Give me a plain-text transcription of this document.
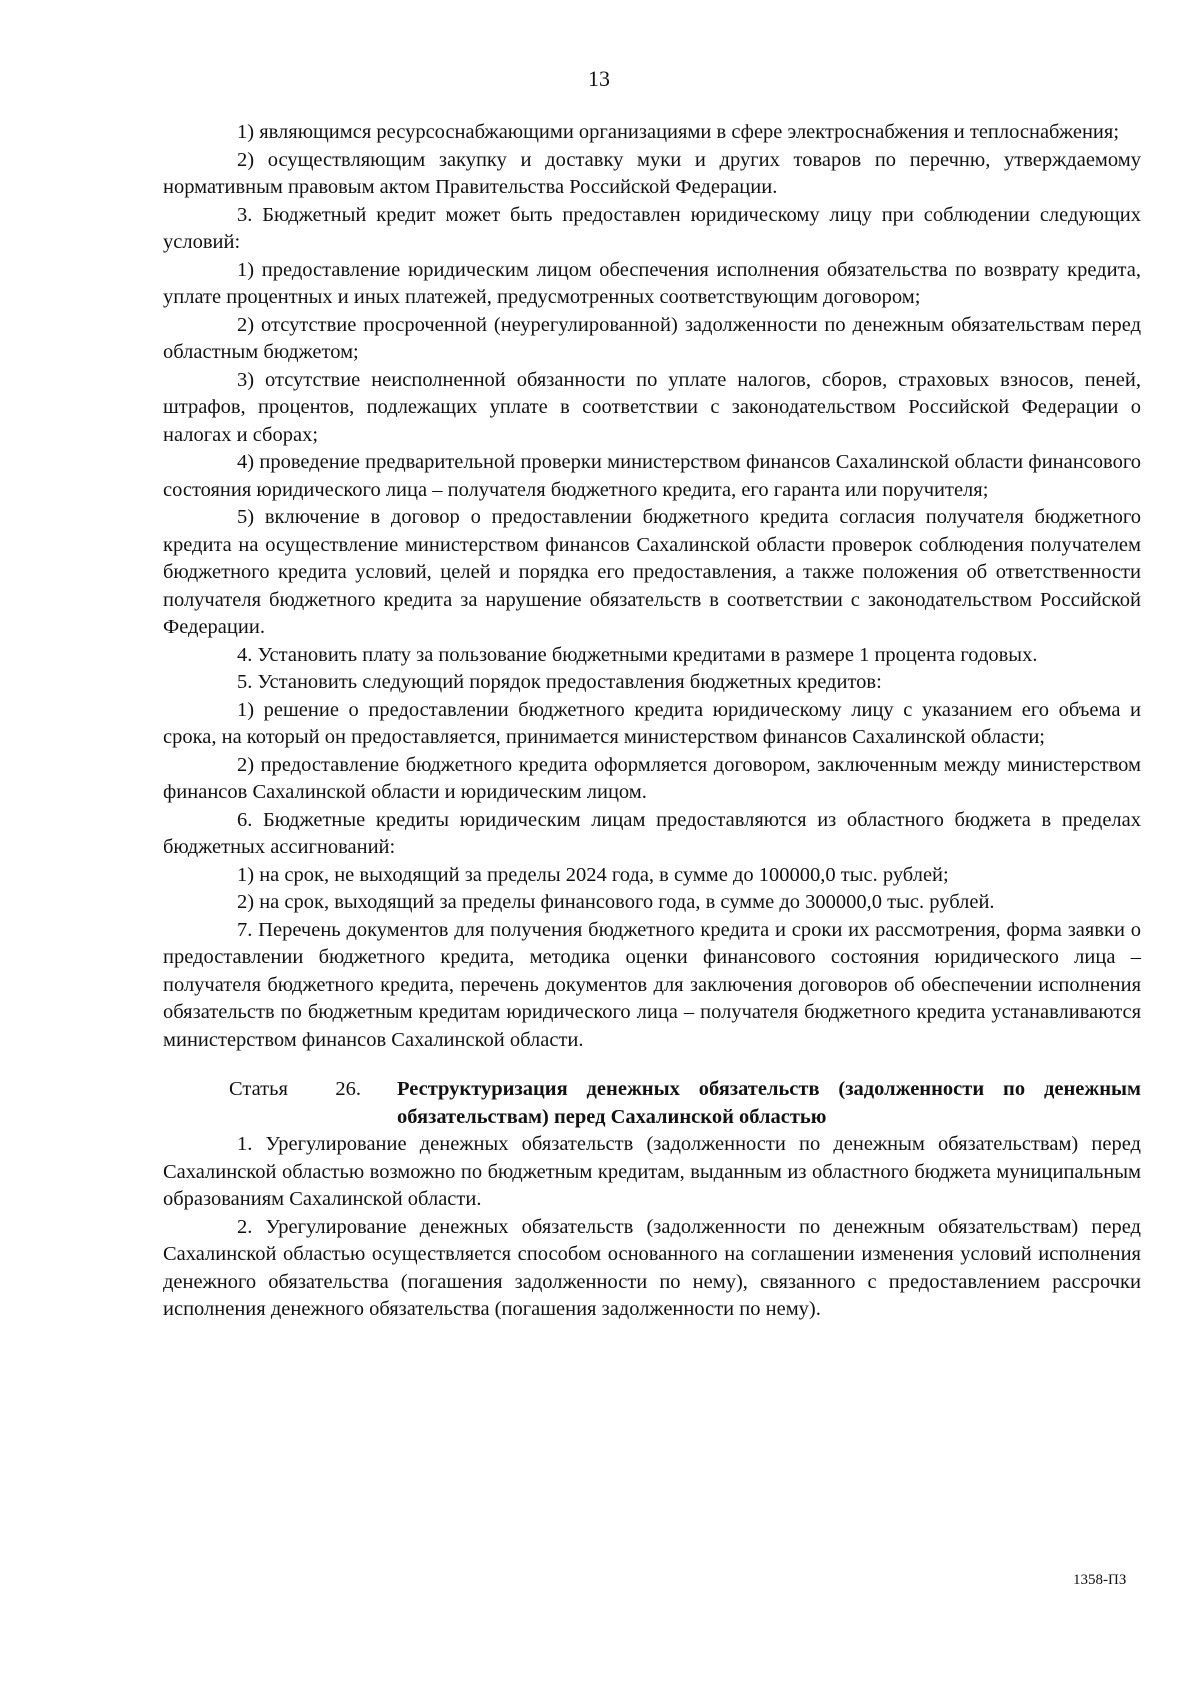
13

1) являющимся ресурсоснабжающими организациями в сфере электроснабжения и теплоснабжения;

2) осуществляющим закупку и доставку муки и других товаров по перечню, утверждаемому нормативным правовым актом Правительства Российской Федерации.

3. Бюджетный кредит может быть предоставлен юридическому лицу при соблюдении следующих условий:

1) предоставление юридическим лицом обеспечения исполнения обязательства по возврату кредита, уплате процентных и иных платежей, предусмотренных соответствующим договором;

2) отсутствие просроченной (неурегулированной) задолженности по денежным обязательствам перед областным бюджетом;

3) отсутствие неисполненной обязанности по уплате налогов, сборов, страховых взносов, пеней, штрафов, процентов, подлежащих уплате в соответствии с законодательством Российской Федерации о налогах и сборах;

4) проведение предварительной проверки министерством финансов Сахалинской области финансового состояния юридического лица – получателя бюджетного кредита, его гаранта или поручителя;

5) включение в договор о предоставлении бюджетного кредита согласия получателя бюджетного кредита на осуществление министерством финансов Сахалинской области проверок соблюдения получателем бюджетного кредита условий, целей и порядка его предоставления, а также положения об ответственности получателя бюджетного кредита за нарушение обязательств в соответствии с законодательством Российской Федерации.

4. Установить плату за пользование бюджетными кредитами в размере 1 процента годовых.

5. Установить следующий порядок предоставления бюджетных кредитов:

1) решение о предоставлении бюджетного кредита юридическому лицу с указанием его объема и срока, на который он предоставляется, принимается министерством финансов Сахалинской области;

2) предоставление бюджетного кредита оформляется договором, заключенным между министерством финансов Сахалинской области и юридическим лицом.

6. Бюджетные кредиты юридическим лицам предоставляются из областного бюджета в пределах бюджетных ассигнований:

1) на срок, не выходящий за пределы 2024 года, в сумме до 100000,0 тыс. рублей;

2) на срок, выходящий за пределы финансового года, в сумме до 300000,0 тыс. рублей.

7. Перечень документов для получения бюджетного кредита и сроки их рассмотрения, форма заявки о предоставлении бюджетного кредита, методика оценки финансового состояния юридического лица – получателя бюджетного кредита, перечень документов для заключения договоров об обеспечении исполнения обязательств по бюджетным кредитам юридического лица – получателя бюджетного кредита устанавливаются министерством финансов Сахалинской области.

Статья 26. Реструктуризация денежных обязательств (задолженности по денежным обязательствам) перед Сахалинской областью

1. Урегулирование денежных обязательств (задолженности по денежным обязательствам) перед Сахалинской областью возможно по бюджетным кредитам, выданным из областного бюджета муниципальным образованиям Сахалинской области.

2. Урегулирование денежных обязательств (задолженности по денежным обязательствам) перед Сахалинской областью осуществляется способом основанного на соглашении изменения условий исполнения денежного обязательства (погашения задолженности по нему), связанного с предоставлением рассрочки исполнения денежного обязательства (погашения задолженности по нему).

1358-ПЗ
